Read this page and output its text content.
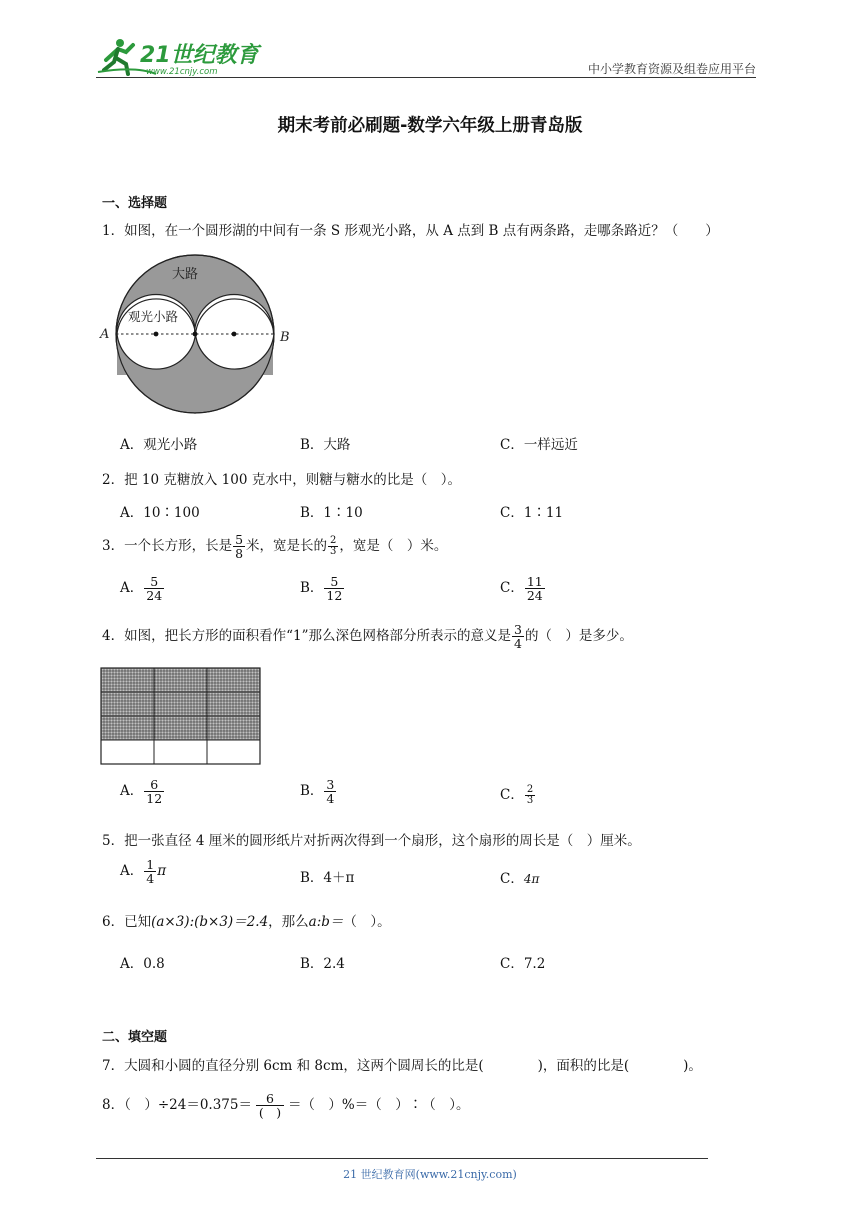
21世纪教育
www.21cnjy.com	中小学教育资源及组卷应用平台
期末考前必刷题-数学六年级上册青岛版
一、选择题
1．如图，在一个圆形湖的中间有一条 S 形观光小路，从 A 点到 B 点有两条路，走哪条路近？（　　）
大路
观光小路
A	B
A．观光小路	B．大路	C．一样远近
2．把 10 克糖放入 100 克水中，则糖与糖水的比是（　）。
A．10∶100	B．1∶10	C．1∶11
3．一个长方形，长是 $\frac{5}{8}$ 米，宽是长的 $\frac{2}{3}$ ，宽是（　）米。
A． $\frac{5}{24}$	B． $\frac{5}{12}$	C． $\frac{11}{24}$
4．如图，把长方形的面积看作“1”那么深色网格部分所表示的意义是 $\frac{3}{4}$ 的（　）是多少。
A． $\frac{6}{12}$	B． $\frac{3}{4}$	C． $\frac{2}{3}$
5．把一张直径 4 厘米的圆形纸片对折两次得到一个扇形，这个扇形的周长是（　）厘米。
A． $\frac{1}{4}$ π	B．4＋π	C．4π
6．已知(a×3):(b×3)＝2.4，那么a:b＝（　）。
A．0.8	B．2.4	C．7.2
二、填空题
7．大圆和小圆的直径分别 6cm 和 8cm，这两个圆周长的比是(　　　　)，面积的比是(　　　　)。
8．（　）$\div 24=0.375= \frac{6}{( )}$ ＝（　）%＝（　）∶（　）。
21 世纪教育网(www.21cnjy.com)
